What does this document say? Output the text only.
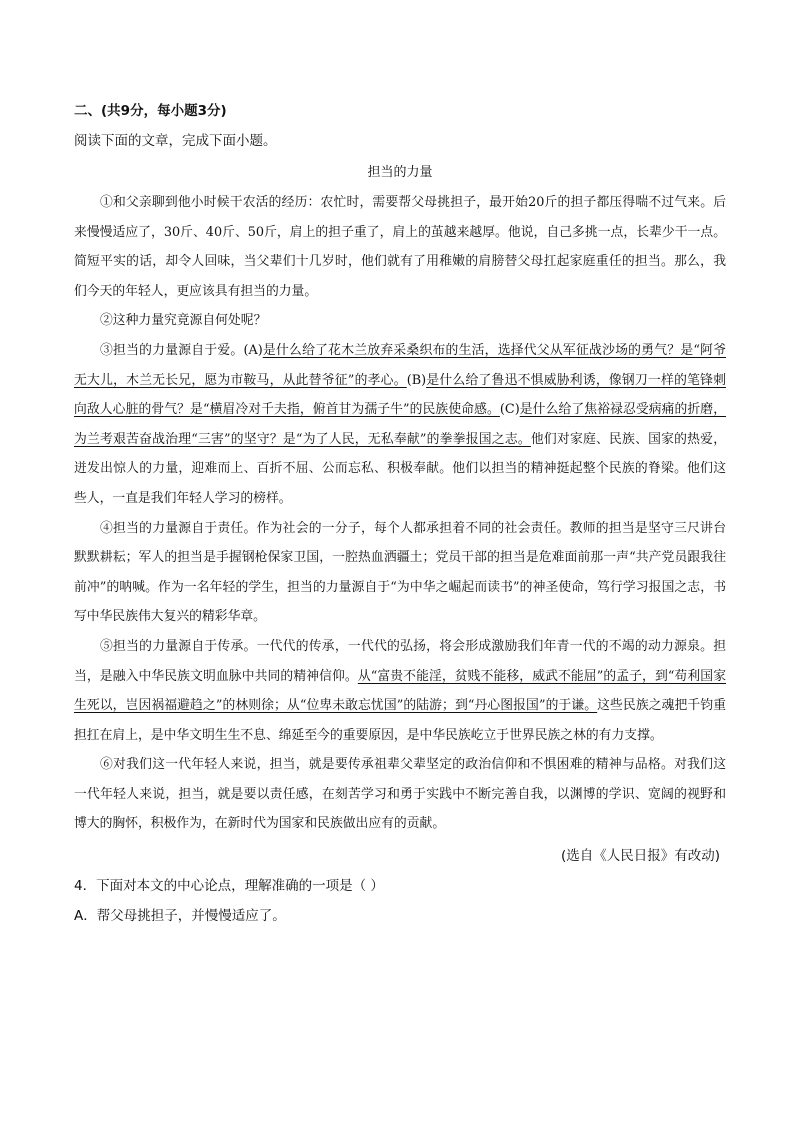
二、(共9分，每小题3分)
阅读下面的文章，完成下面小题。
担当的力量

①和父亲聊到他小时候干农活的经历：农忙时，需要帮父母挑担子，最开始20斤的担子都压得喘不过气来。后来慢慢适应了，30斤、40斤、50斤，肩上的担子重了，肩上的茧越来越厚。他说，自己多挑一点，长辈少干一点。简短平实的话，却令人回味，当父辈们十几岁时，他们就有了用稚嫩的肩膀替父母扛起家庭重任的担当。那么，我们今天的年轻人，更应该具有担当的力量。

②这种力量究竟源自何处呢？

③担当的力量源自于爱。(A)是什么给了花木兰放弃采桑织布的生活，选择代父从军征战沙场的勇气？是“阿爷无大儿，木兰无长兄，愿为市鞍马，从此替爷征”的孝心。(B)是什么给了鲁迅不惧威胁利诱，像钢刀一样的笔锋刺向敌人心脏的骨气？是“横眉冷对千夫指，俯首甘为孺子牛”的民族使命感。(C)是什么给了焦裕禄忍受病痛的折磨，为兰考艰苦奋战治理“三害”的坚守？是“为了人民，无私奉献”的拳拳报国之志。他们对家庭、民族、国家的热爱，迸发出惊人的力量，迎难而上、百折不屈、公而忘私、积极奉献。他们以担当的精神挺起整个民族的脊梁。他们这些人，一直是我们年轻人学习的榜样。

④担当的力量源自于责任。作为社会的一分子，每个人都承担着不同的社会责任。教师的担当是坚守三尺讲台默默耕耘；军人的担当是手握钢枪保家卫国，一腔热血洒疆土；党员干部的担当是危难面前那一声“共产党员跟我往前冲”的呐喊。作为一名年轻的学生，担当的力量源自于“为中华之崛起而读书”的神圣使命，笃行学习报国之志，书写中华民族伟大复兴的精彩华章。

⑤担当的力量源自于传承。一代代的传承，一代代的弘扬，将会形成激励我们年青一代的不竭的动力源泉。担当，是融入中华民族文明血脉中共同的精神信仰。从“富贵不能淫，贫贱不能移，威武不能屈”的孟子，到“苟利国家生死以，岂因祸福避趋之”的林则徐；从“位卑未敢忘忧国”的陆游；到“丹心图报国”的于谦。这些民族之魂把千钧重担扛在肩上，是中华文明生生不息、绵延至今的重要原因，是中华民族屹立于世界民族之林的有力支撑。

⑥对我们这一代年轻人来说，担当，就是要传承祖辈父辈坚定的政治信仰和不惧困难的精神与品格。对我们这一代年轻人来说，担当，就是要以责任感，在刻苦学习和勇于实践中不断完善自我，以渊博的学识、宽阔的视野和博大的胸怀，积极作为，在新时代为国家和民族做出应有的贡献。

(选自《人民日报》有改动)
4．下面对本文的中心论点，理解准确的一项是（ ）
A．帮父母挑担子，并慢慢适应了。
